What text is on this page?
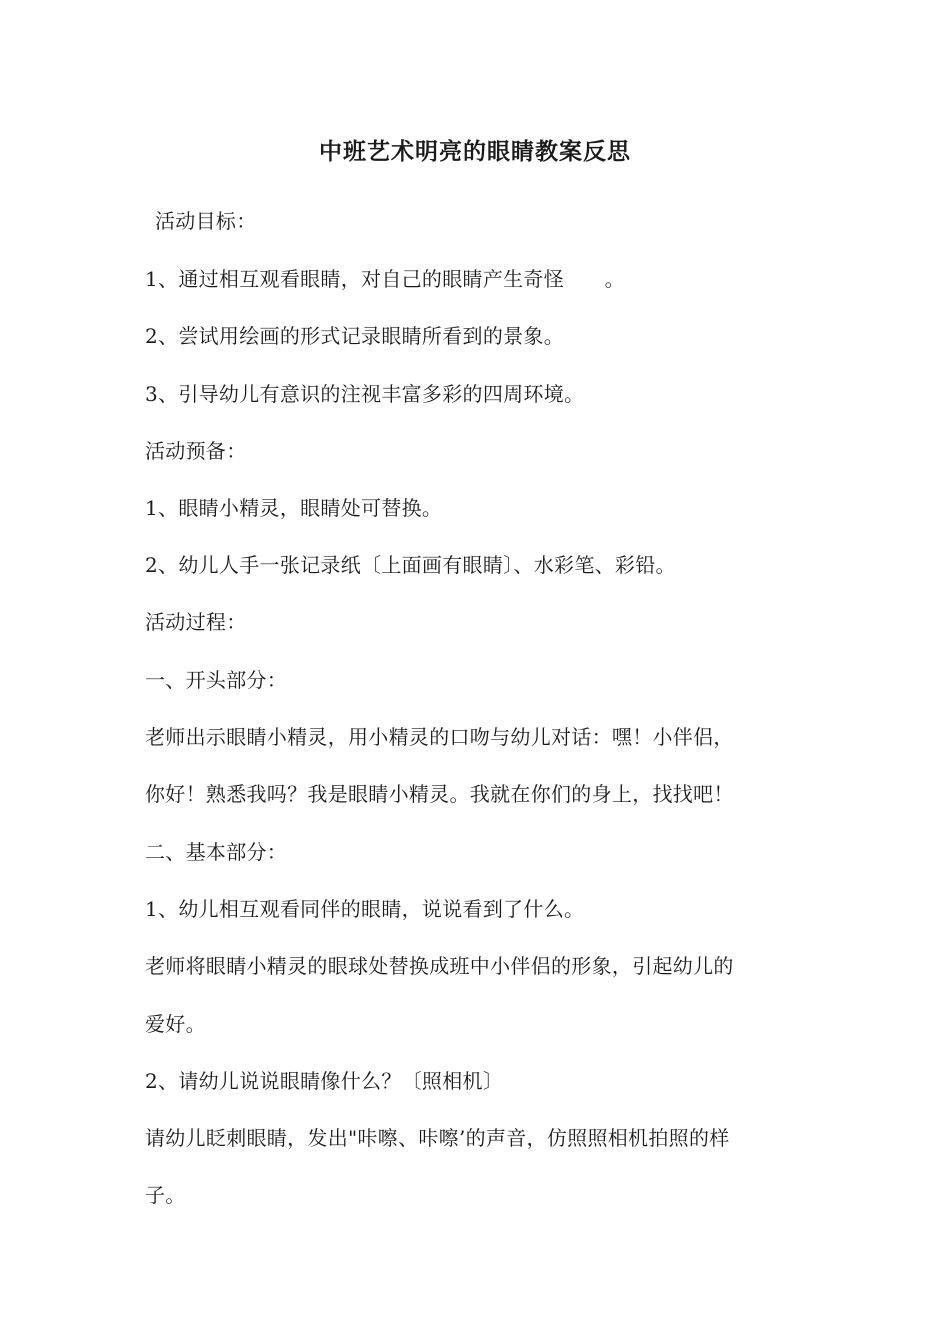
中班艺术明亮的眼睛教案反思
活动目标：
1、通过相互观看眼睛，对自己的眼睛产生奇怪　　。
2、尝试用绘画的形式记录眼睛所看到的景象。
3、引导幼儿有意识的注视丰富多彩的四周环境。
活动预备：
1、眼睛小精灵，眼睛处可替换。
2、幼儿人手一张记录纸〔上面画有眼睛〕、水彩笔、彩铅。
活动过程：
一、开头部分：
老师出示眼睛小精灵，用小精灵的口吻与幼儿对话：嘿！小伴侣，
你好！熟悉我吗？我是眼睛小精灵。我就在你们的身上，找找吧！
二、基本部分：
1、幼儿相互观看同伴的眼睛，说说看到了什么。
老师将眼睛小精灵的眼球处替换成班中小伴侣的形象，引起幼儿的
爱好。
2、请幼儿说说眼睛像什么？〔照相机〕
请幼儿眨刺眼睛，发出"咔嚓、咔嚓’的声音，仿照照相机拍照的样
子。
